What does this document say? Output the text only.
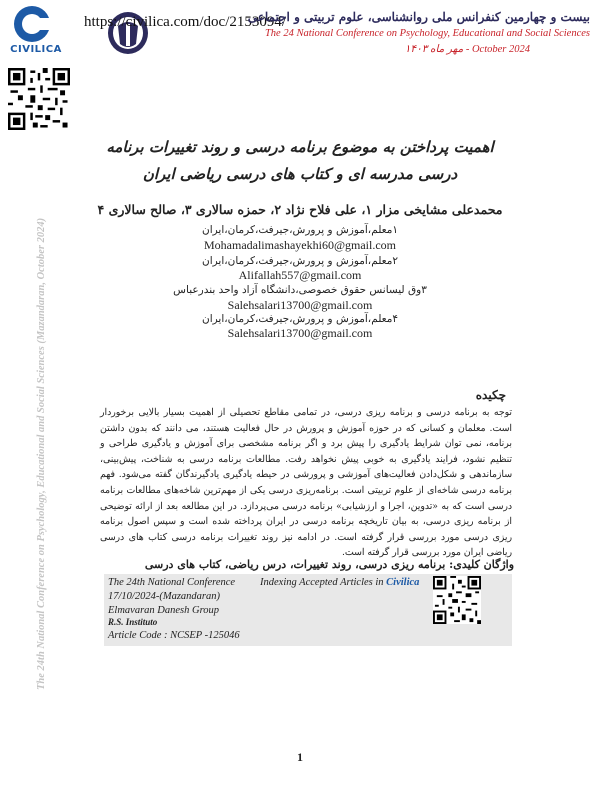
CIVILICA
https://civilica.com/doc/2153094/
بیست و چهارمین کنفرانس ملی روانشناسی، علوم تربیتی و اجتماعی
The 24 National Conference on Psychology, Educational and Social Sciences
October 2024 - مهر ماه ۱۴۰۳
The 24th National Conference on Psychology, Educational and Social Sciences (Mazandaran, October 2024)
اهمیت پرداختن به موضوع برنامه درسی و روند تغییرات برنامه درسی مدرسه ای و کتاب های درسی ریاضی ایران
محمدعلی مشایخی مزار ۱، علی فلاح نژاد ۲، حمزه سالاری ۳، صالح سالاری ۴
۱معلم،آموزش و پرورش،جیرفت،کرمان،ایران
Mohamadalimashayekhi60@gmail.com
۲معلم،آموزش و پرورش،جیرفت،کرمان،ایران
Alifallah557@gmail.com
۳وق لیسانس حقوق خصوصی،دانشگاه آزاد واحد بندرعباس
Salehsalari13700@gmail.com
۴معلم،آموزش و پرورش،جیرفت،کرمان،ایران
Salehsalari13700@gmail.com
چکیده
توجه به برنامه درسی و برنامه ریزی درسی، در تمامی مقاطع تحصیلی از اهمیت بسیار بالایی برخوردار است. معلمان و کسانی که در حوزه آموزش و پرورش در حال فعالیت هستند، می دانند که بدون داشتن برنامه، نمی توان شرایط یادگیری را پیش برد و اگر برنامه مشخصی برای آموزش و یادگیری طراحی و تنظیم نشود، فرایند یادگیری به خوبی پیش نخواهد رفت. مطالعات برنامه درسی به شناخت، پیش‌بینی، سازماندهی و شکل‌دادن فعالیت‌های آموزشی و پرورشی در حیطه یادگیری یادگیرندگان گفته می‌شود. فهم برنامه درسی شاخه‌ای از علوم تربیتی است. برنامه‌ریزی درسی یکی از مهم‌ترین شاخه‌های مطالعات برنامه درسی است که به «تدوین، اجرا و ارزشیابی» برنامه درسی می‌پردازد. در این مطالعه بعد از ارائه توضیحی از برنامه ریزی درسی، به بیان تاریخچه برنامه درسی در ایران پرداخته شده است و سپس اصول برنامه ریزی درسی مورد بررسی قرار گرفته است. در ادامه نیز روند تغییرات برنامه درسی کتاب های درسی ریاضی ایران مورد بررسی قرار گرفته است.
واژگان کلیدی: برنامه ریزی درسی، روند تغییرات، درس ریاضی، کتاب های درسی
The 24th National Conference
17/10/2024-(Mazandaran)
Elmavaran Danesh Group
R.S. Instituto
Article Code : NCSEP -125046
Indexing Accepted Articles in Civilica
1
